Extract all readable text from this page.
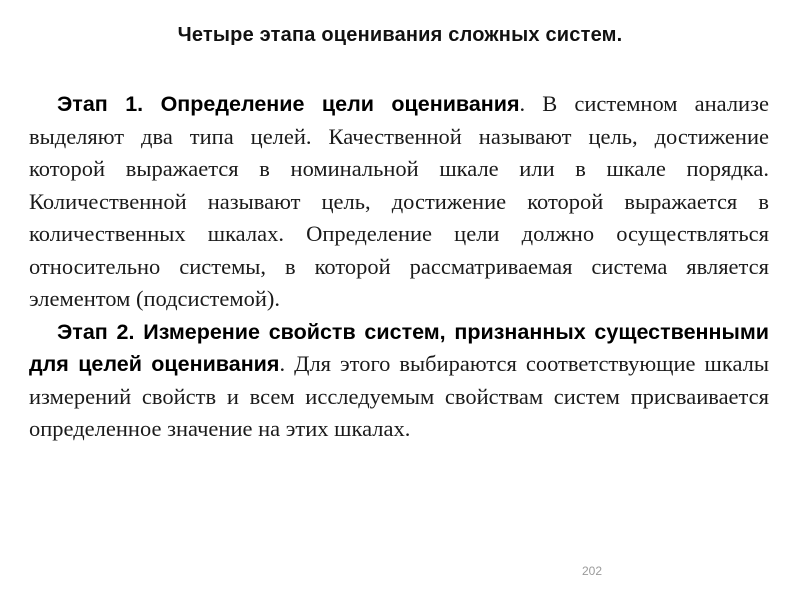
Четыре этапа оценивания сложных систем.

Этап 1. Определение цели оценивания. В системном анализе выделяют два типа целей. Качественной называют цель, достижение которой выражается в номинальной шкале или в шкале порядка. Количественной называют цель, достижение которой выражается в количественных шкалах. Определение цели должно осуществляться относительно системы, в которой рассматриваемая система является элементом (подсистемой).

Этап 2. Измерение свойств систем, признанных существенными для целей оценивания. Для этого выбираются соответствующие шкалы измерений свойств и всем исследуемым свойствам систем присваивается определенное значение на этих шкалах.

202
